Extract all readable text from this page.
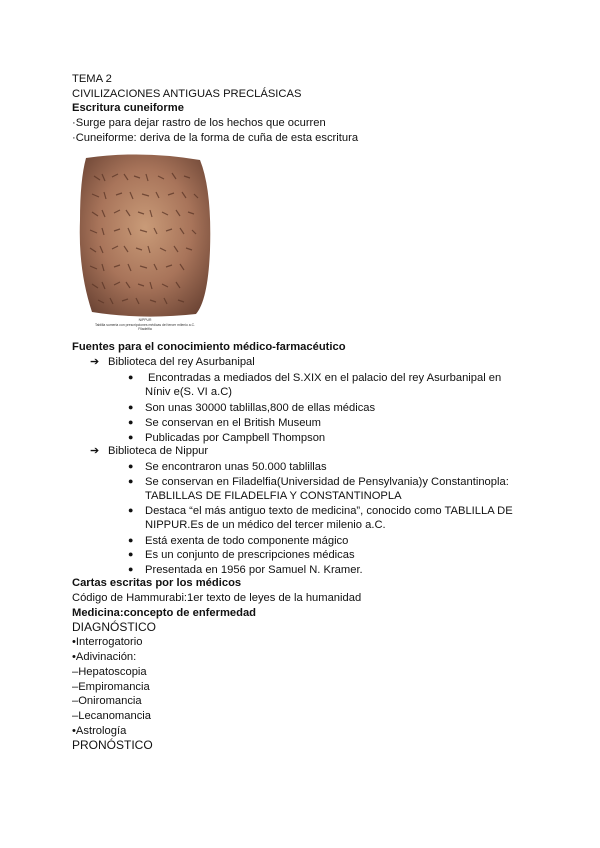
TEMA 2
CIVILIZACIONES ANTIGUAS PRECLÁSICAS
Escritura cuneiforme
·Surge para dejar rastro de los hechos que ocurren
·Cuneiforme: deriva de la forma de cuña de esta escritura
NIPPUR
Tablilla sumeria con prescripciones médicas del tercer milenio a.C.
Filadelfia
Fuentes para el conocimiento médico-farmacéutico
➔ Biblioteca del rey Asurbanipal
● Encontradas a mediados del S.XIX en el palacio del rey Asurbanipal en
Níniv e(S. VI a.C)
● Son unas 30000 tablillas,800 de ellas médicas
● Se conservan en el British Museum
● Publicadas por Campbell Thompson
➔ Biblioteca de Nippur
● Se encontraron unas 50.000 tablillas
● Se conservan en Filadelfia(Universidad de Pensylvania)y Constantinopla:
TABLILLAS DE FILADELFIA Y CONSTANTINOPLA
● Destaca “el más antiguo texto de medicina”, conocido como TABLILLA DE
NIPPUR.Es de un médico del tercer milenio a.C.
● Está exenta de todo componente mágico
● Es un conjunto de prescripciones médicas
● Presentada en 1956 por Samuel N. Kramer.
Cartas escritas por los médicos
Código de Hammurabi:1er texto de leyes de la humanidad
Medicina:concepto de enfermedad
DIAGNÓSTICO
•Interrogatorio
•Adivinación:
–Hepatoscopia
–Empiromancia
–Oniromancia
–Lecanomancia
•Astrología
PRONÓSTICO
